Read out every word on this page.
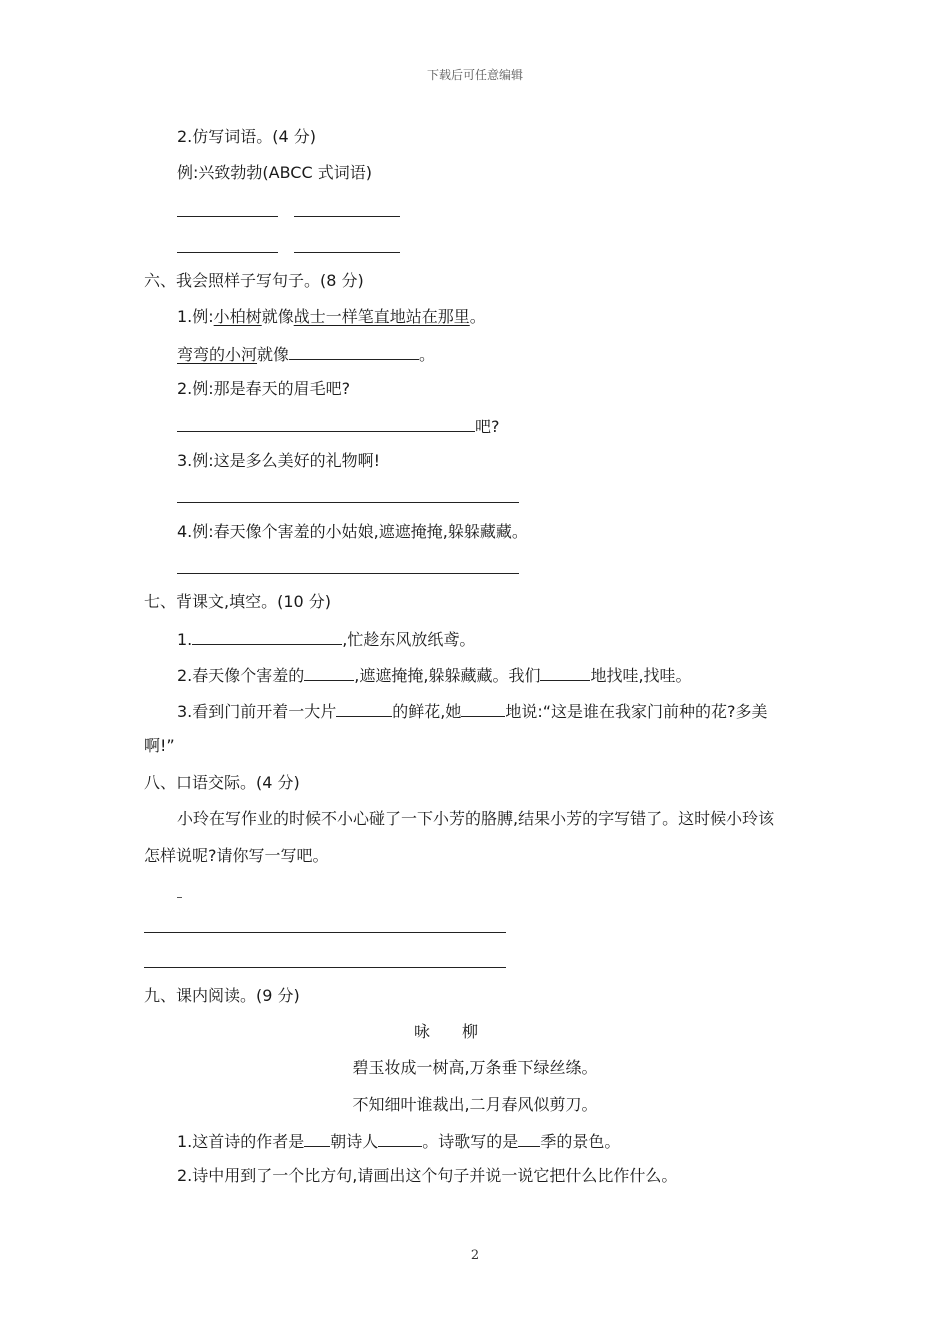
下载后可任意编辑
2.仿写词语。(4 分)
例:兴致勃勃(ABCC 式词语)
六、我会照样子写句子。(8 分)
1.例:小柏树就像战士一样笔直地站在那里。
弯弯的小河就像	。
2.例:那是春天的眉毛吧?
吧?
3.例:这是多么美好的礼物啊!
4.例:春天像个害羞的小姑娘,遮遮掩掩,躲躲藏藏。
七、背课文,填空。(10 分)
1.	,忙趁东风放纸鸢。
2.春天像个害羞的	,遮遮掩掩,躲躲藏藏。我们	地找哇,找哇。
3.看到门前开着一大片	的鲜花,她	地说:“这是谁在我家门前种的花?多美
啊!”
八、口语交际。(4 分)
小玲在写作业的时候不小心碰了一下小芳的胳膊,结果小芳的字写错了。这时候小玲该
怎样说呢?请你写一写吧。
九、课内阅读。(9 分)
咏 柳
碧玉妆成一树高,万条垂下绿丝绦。
不知细叶谁裁出,二月春风似剪刀。
1.这首诗的作者是 朝诗人	。诗歌写的是 季的景色。
2.诗中用到了一个比方句,请画出这个句子并说一说它把什么比作什么。
2
